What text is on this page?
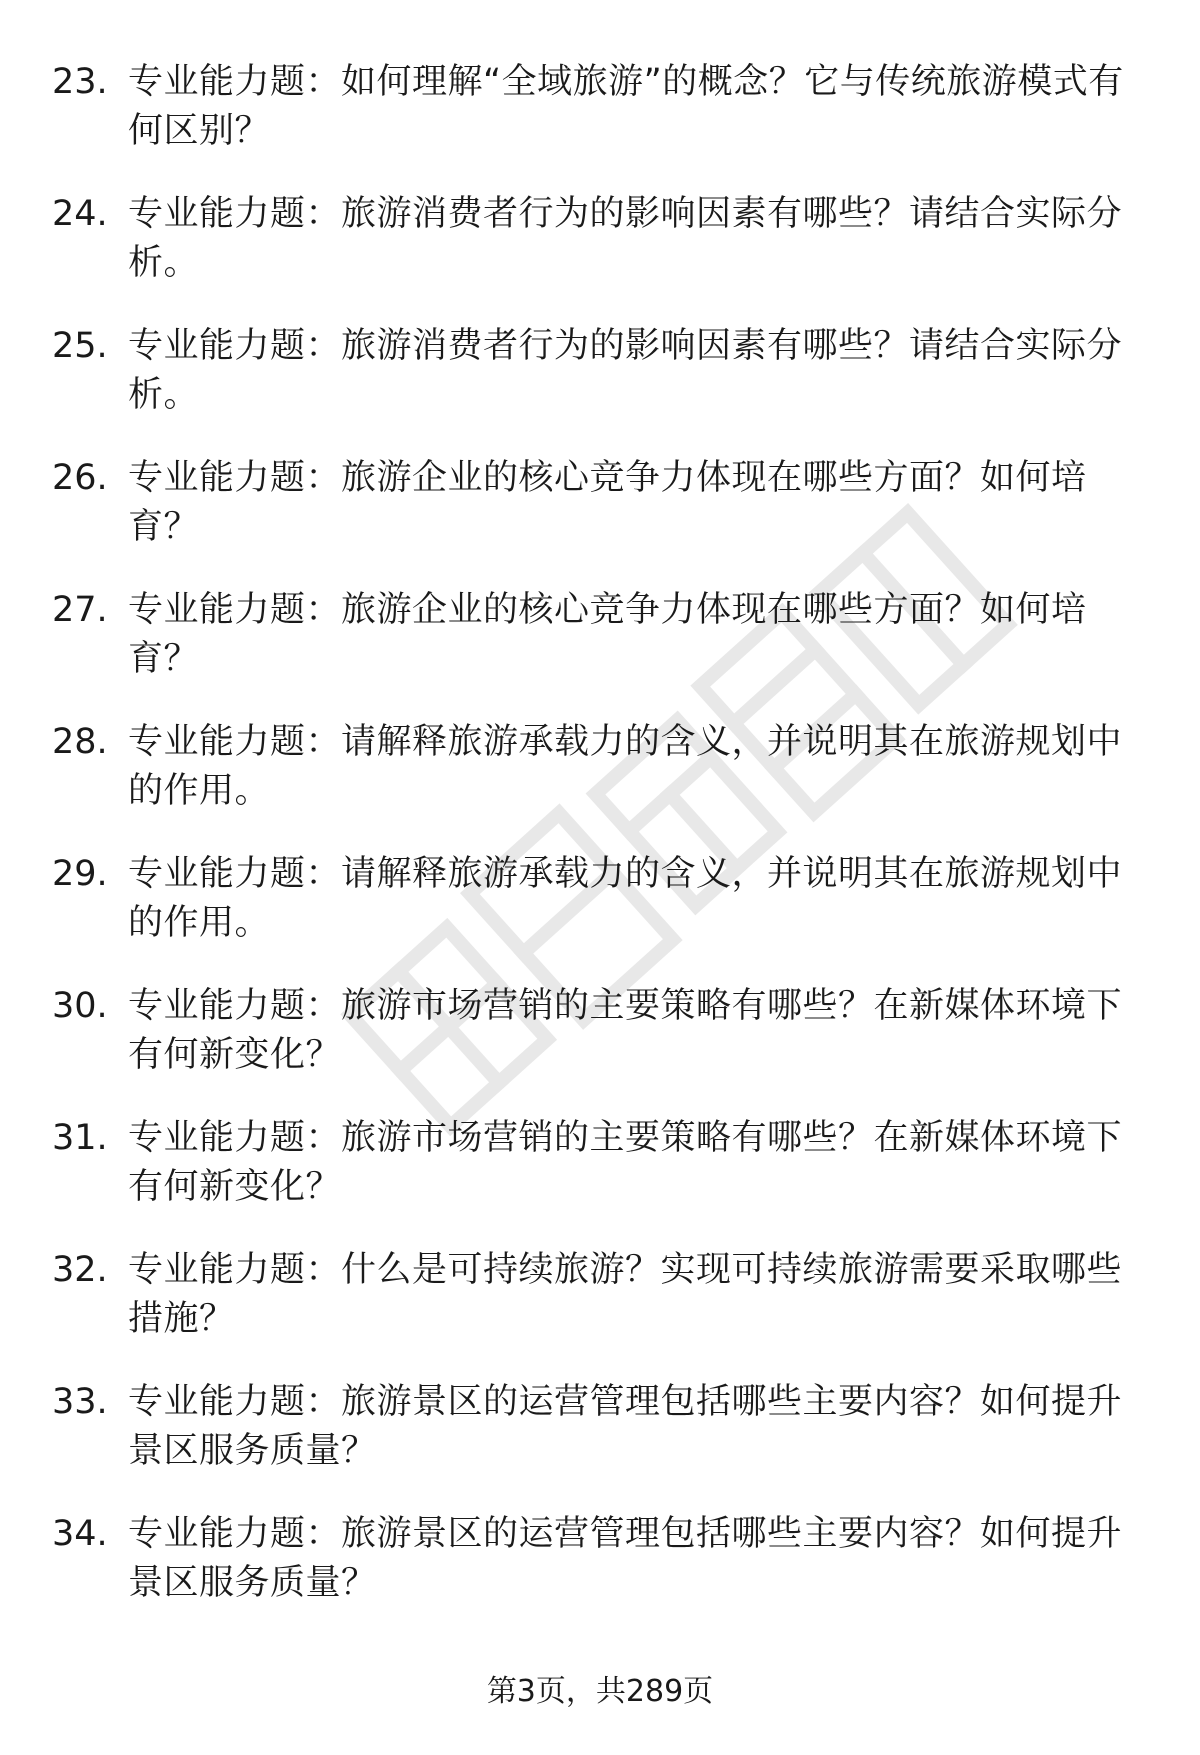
23. 专业能力题：如何理解“全域旅游”的概念？它与传统旅游模式有何区别？
24. 专业能力题：旅游消费者行为的影响因素有哪些？请结合实际分析。
25. 专业能力题：旅游消费者行为的影响因素有哪些？请结合实际分析。
26. 专业能力题：旅游企业的核心竞争力体现在哪些方面？如何培育？
27. 专业能力题：旅游企业的核心竞争力体现在哪些方面？如何培育？
28. 专业能力题：请解释旅游承载力的含义，并说明其在旅游规划中的作用。
29. 专业能力题：请解释旅游承载力的含义，并说明其在旅游规划中的作用。
30. 专业能力题：旅游市场营销的主要策略有哪些？在新媒体环境下有何新变化？
31. 专业能力题：旅游市场营销的主要策略有哪些？在新媒体环境下有何新变化？
32. 专业能力题：什么是可持续旅游？实现可持续旅游需要采取哪些措施？
33. 专业能力题：旅游景区的运营管理包括哪些主要内容？如何提升景区服务质量？
34. 专业能力题：旅游景区的运营管理包括哪些主要内容？如何提升景区服务质量？
第3页，共289页
